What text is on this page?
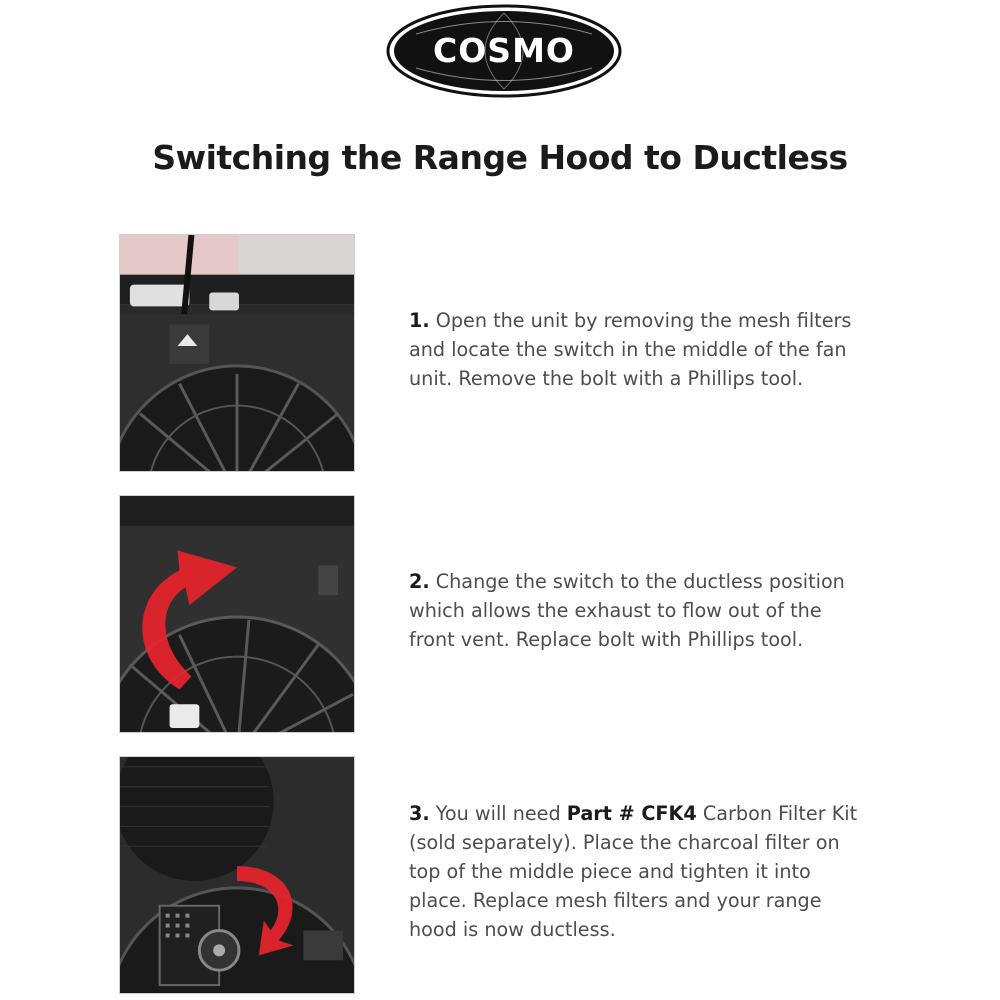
COSMO
Switching the Range Hood to Ductless
1. Open the unit by removing the mesh filters
and locate the switch in the middle of the fan
unit. Remove the bolt with a Phillips tool.
2. Change the switch to the ductless position
which allows the exhaust to flow out of the
front vent. Replace bolt with Phillips tool.
3. You will need Part # CFK4 Carbon Filter Kit
(sold separately). Place the charcoal filter on
top of the middle piece and tighten it into
place. Replace mesh filters and your range
hood is now ductless.
